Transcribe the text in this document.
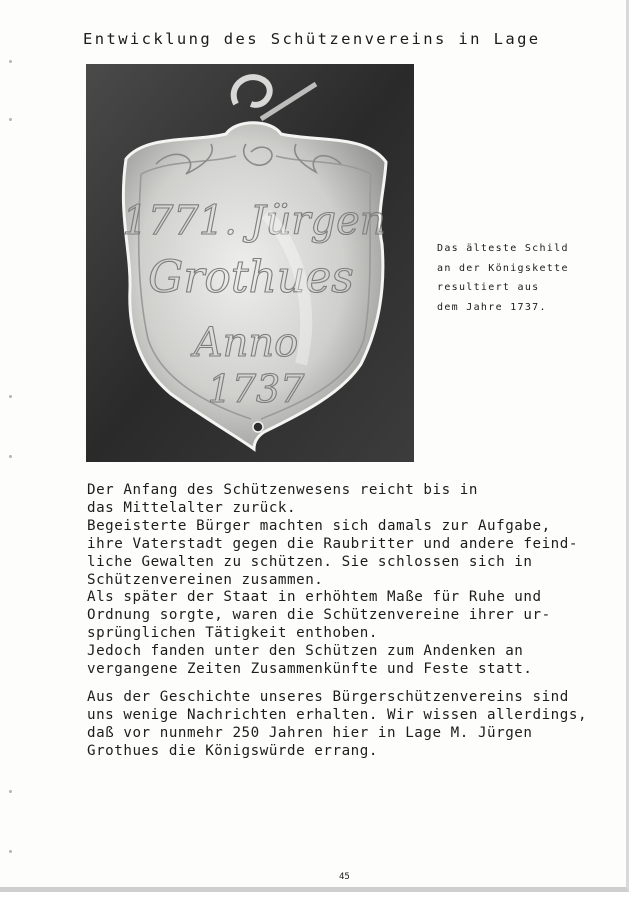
Entwicklung des Schützenvereins in Lage
1771. Jürgen
Grothues
Anno
1737
Das älteste Schild
an der Königskette
resultiert aus
dem Jahre 1737.
Der Anfang des Schützenwesens reicht bis in
das Mittelalter zurück.
Begeisterte Bürger machten sich damals zur Aufgabe,
ihre Vaterstadt gegen die Raubritter und andere feind-
liche Gewalten zu schützen. Sie schlossen sich in
Schützenvereinen zusammen.
Als später der Staat in erhöhtem Maße für Ruhe und
Ordnung sorgte, waren die Schützenvereine ihrer ur-
sprünglichen Tätigkeit enthoben.
Jedoch fanden unter den Schützen zum Andenken an
vergangene Zeiten Zusammenkünfte und Feste statt.
Aus der Geschichte unseres Bürgerschützenvereins sind
uns wenige Nachrichten erhalten. Wir wissen allerdings,
daß vor nunmehr 250 Jahren hier in Lage M. Jürgen
Grothues die Königswürde errang.
45
